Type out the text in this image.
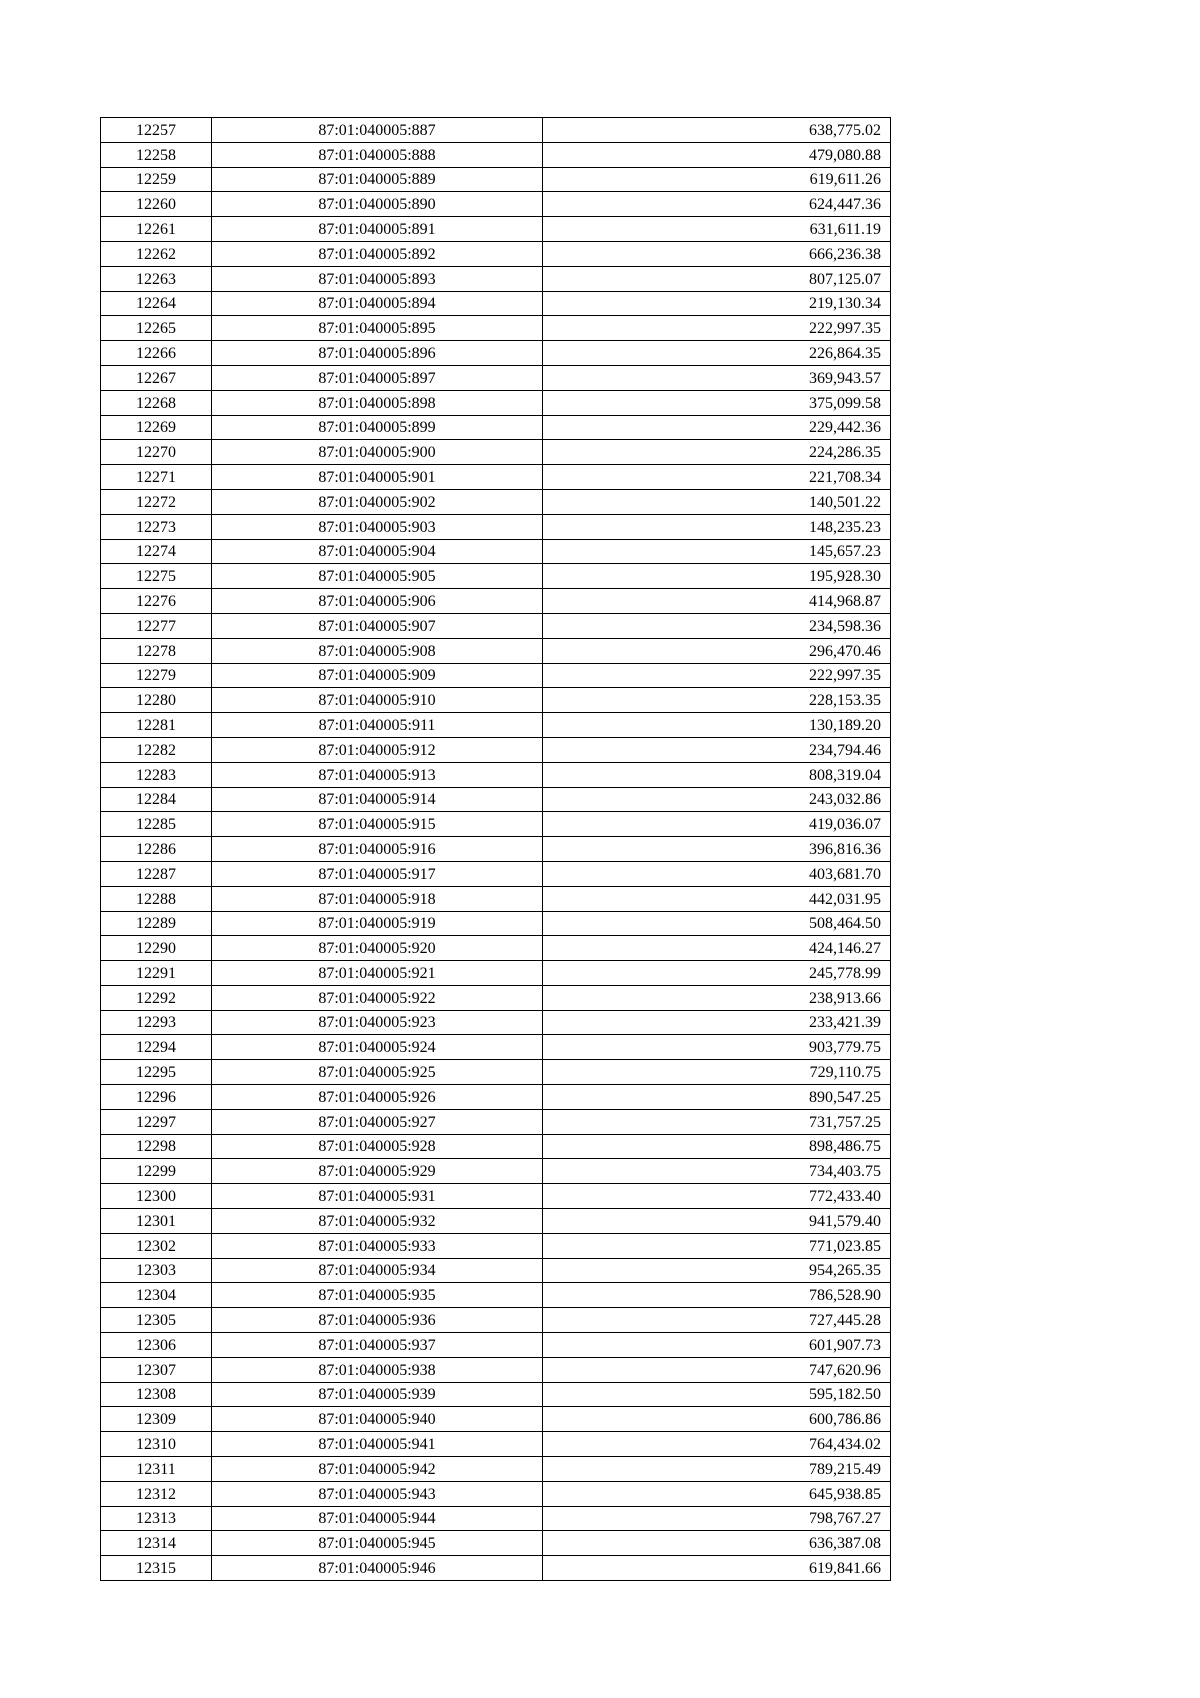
12257	87:01:040005:887	638,775.02
12258	87:01:040005:888	479,080.88
12259	87:01:040005:889	619,611.26
12260	87:01:040005:890	624,447.36
12261	87:01:040005:891	631,611.19
12262	87:01:040005:892	666,236.38
12263	87:01:040005:893	807,125.07
12264	87:01:040005:894	219,130.34
12265	87:01:040005:895	222,997.35
12266	87:01:040005:896	226,864.35
12267	87:01:040005:897	369,943.57
12268	87:01:040005:898	375,099.58
12269	87:01:040005:899	229,442.36
12270	87:01:040005:900	224,286.35
12271	87:01:040005:901	221,708.34
12272	87:01:040005:902	140,501.22
12273	87:01:040005:903	148,235.23
12274	87:01:040005:904	145,657.23
12275	87:01:040005:905	195,928.30
12276	87:01:040005:906	414,968.87
12277	87:01:040005:907	234,598.36
12278	87:01:040005:908	296,470.46
12279	87:01:040005:909	222,997.35
12280	87:01:040005:910	228,153.35
12281	87:01:040005:911	130,189.20
12282	87:01:040005:912	234,794.46
12283	87:01:040005:913	808,319.04
12284	87:01:040005:914	243,032.86
12285	87:01:040005:915	419,036.07
12286	87:01:040005:916	396,816.36
12287	87:01:040005:917	403,681.70
12288	87:01:040005:918	442,031.95
12289	87:01:040005:919	508,464.50
12290	87:01:040005:920	424,146.27
12291	87:01:040005:921	245,778.99
12292	87:01:040005:922	238,913.66
12293	87:01:040005:923	233,421.39
12294	87:01:040005:924	903,779.75
12295	87:01:040005:925	729,110.75
12296	87:01:040005:926	890,547.25
12297	87:01:040005:927	731,757.25
12298	87:01:040005:928	898,486.75
12299	87:01:040005:929	734,403.75
12300	87:01:040005:931	772,433.40
12301	87:01:040005:932	941,579.40
12302	87:01:040005:933	771,023.85
12303	87:01:040005:934	954,265.35
12304	87:01:040005:935	786,528.90
12305	87:01:040005:936	727,445.28
12306	87:01:040005:937	601,907.73
12307	87:01:040005:938	747,620.96
12308	87:01:040005:939	595,182.50
12309	87:01:040005:940	600,786.86
12310	87:01:040005:941	764,434.02
12311	87:01:040005:942	789,215.49
12312	87:01:040005:943	645,938.85
12313	87:01:040005:944	798,767.27
12314	87:01:040005:945	636,387.08
12315	87:01:040005:946	619,841.66
